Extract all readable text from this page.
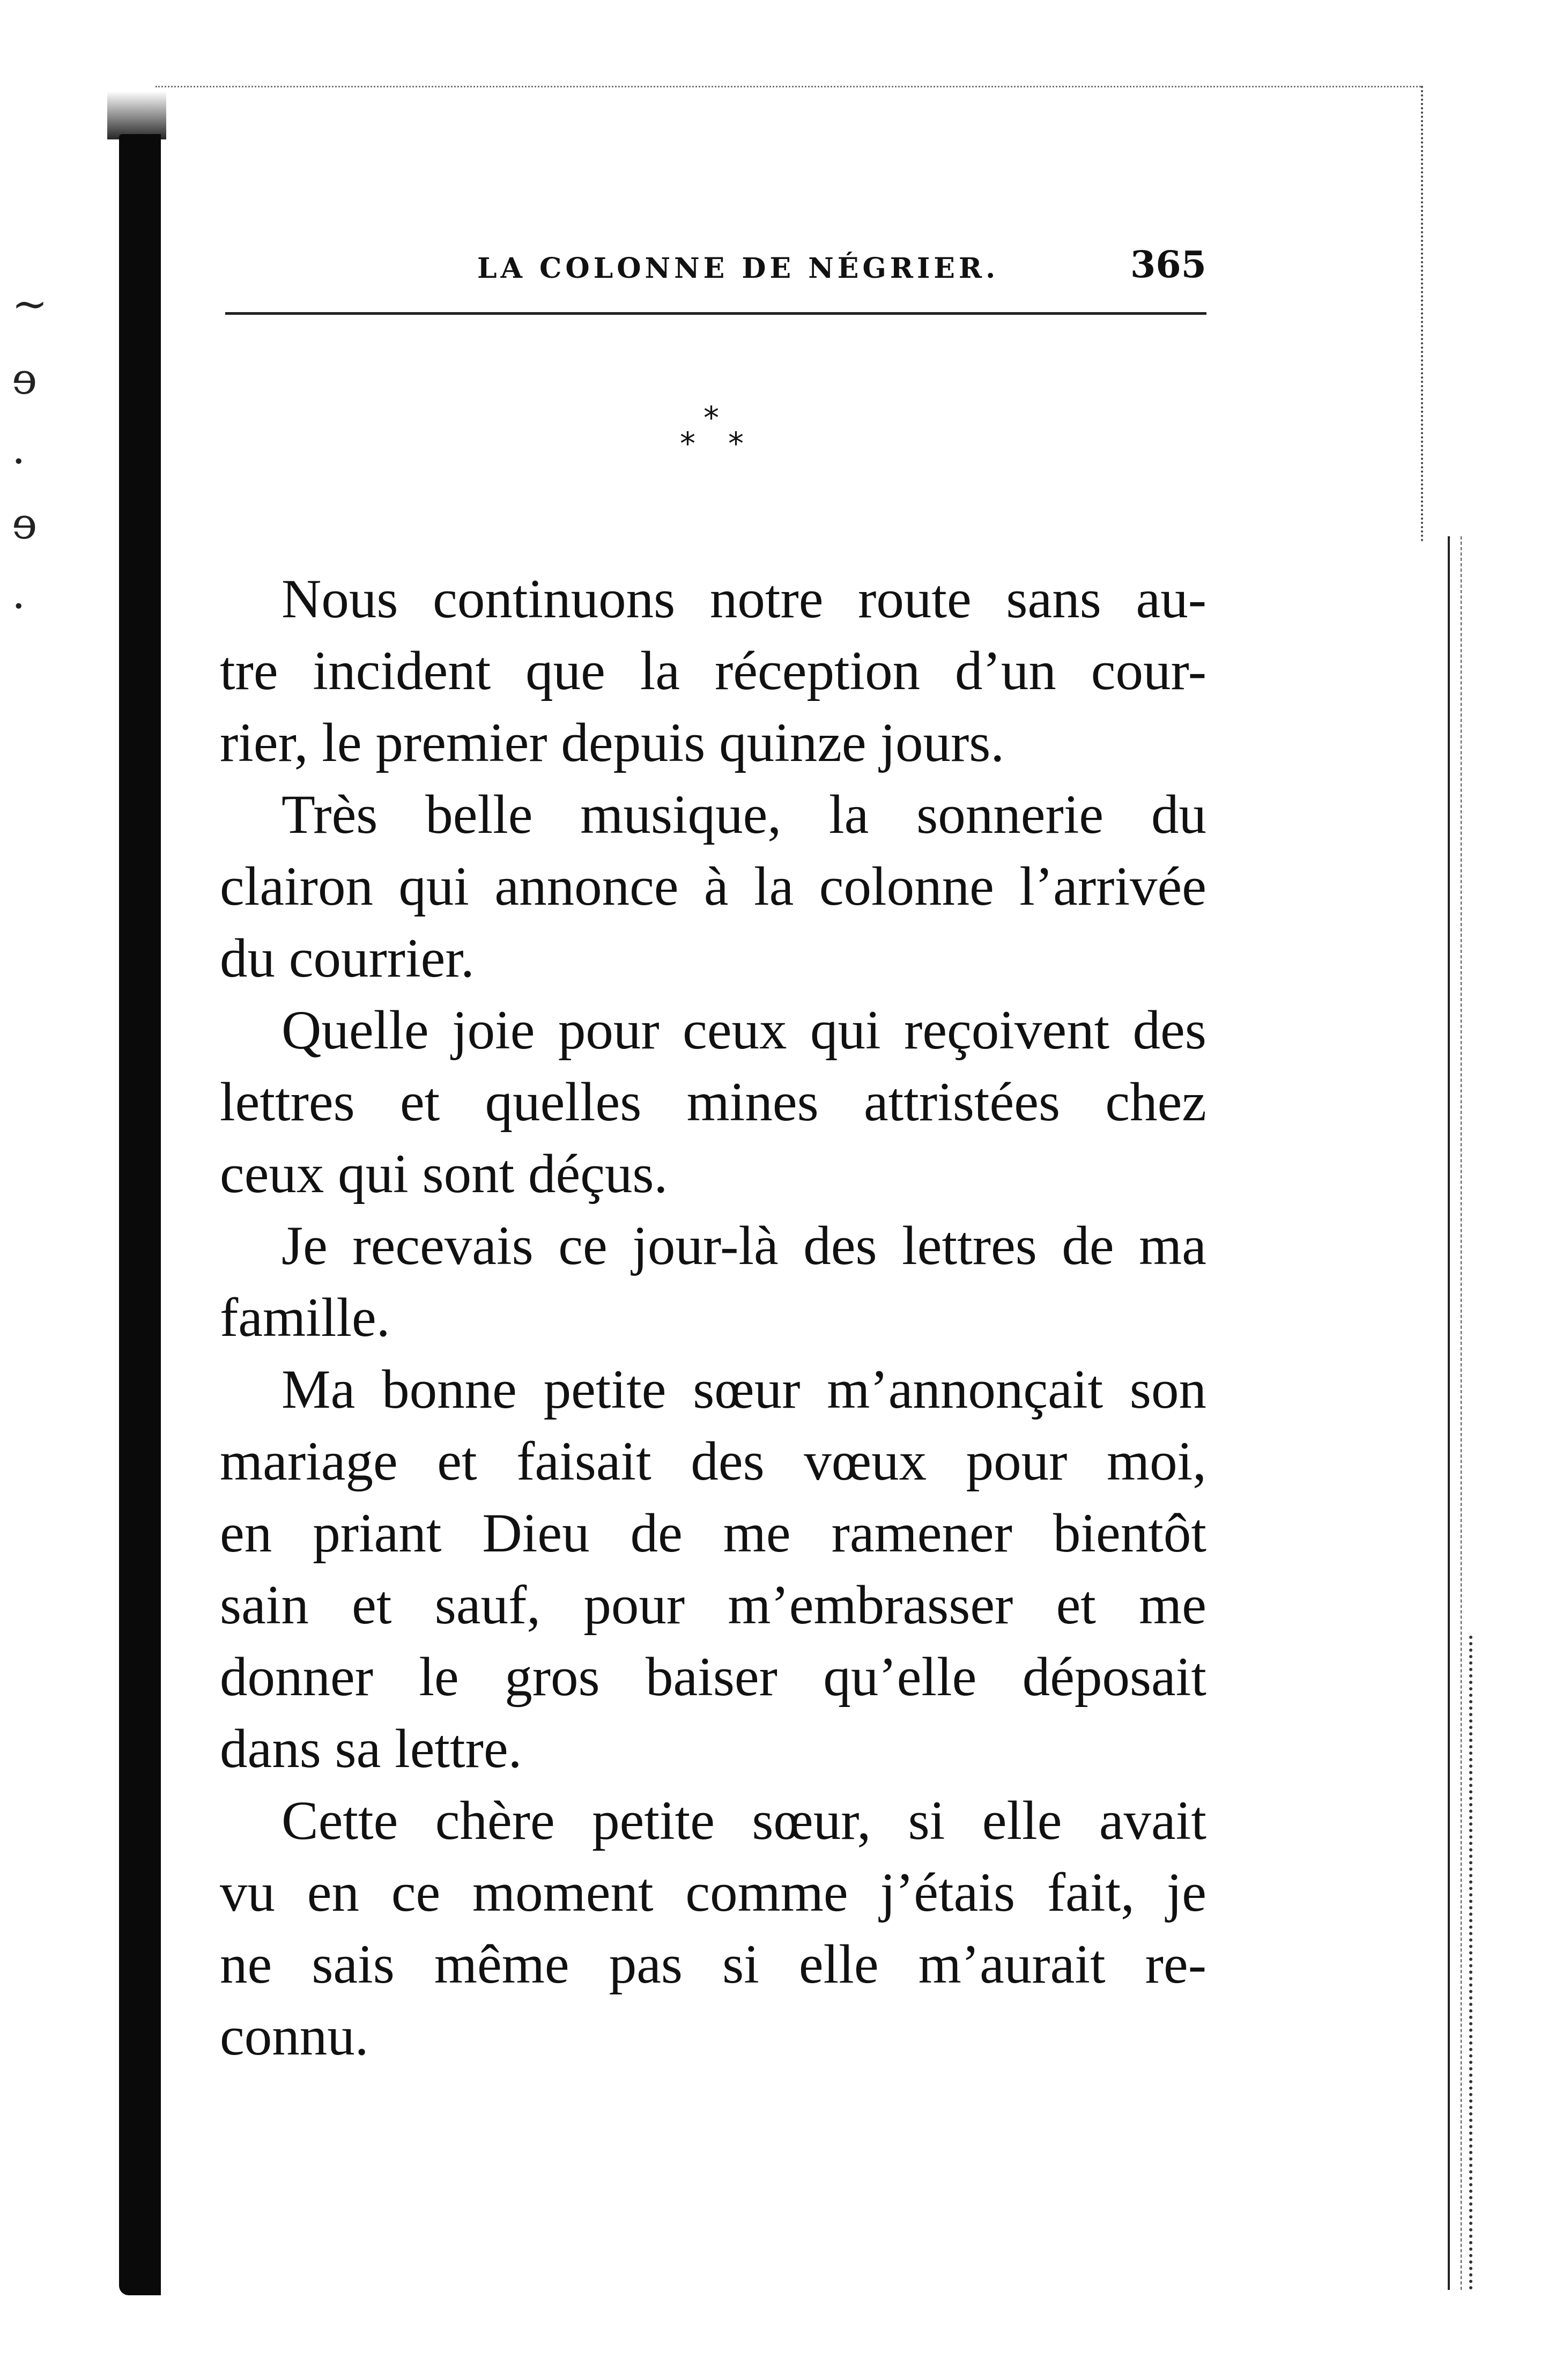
~
ɘ
.
ɘ
.
LA COLONNE DE NÉGRIER.	365
*
* *
Nous continuons notre route sans au-
tre incident que la réception d’un cour-
rier, le premier depuis quinze jours.
Très belle musique, la sonnerie du
clairon qui annonce à la colonne l’arrivée
du courrier.
Quelle joie pour ceux qui reçoivent des
lettres et quelles mines attristées chez
ceux qui sont déçus.
Je recevais ce jour-là des lettres de ma
famille.
Ma bonne petite sœur m’annonçait son
mariage et faisait des vœux pour moi,
en priant Dieu de me ramener bientôt
sain et sauf, pour m’embrasser et me
donner le gros baiser qu’elle déposait
dans sa lettre.
Cette chère petite sœur, si elle avait
vu en ce moment comme j’étais fait, je
ne sais même pas si elle m’aurait re-
connu.
